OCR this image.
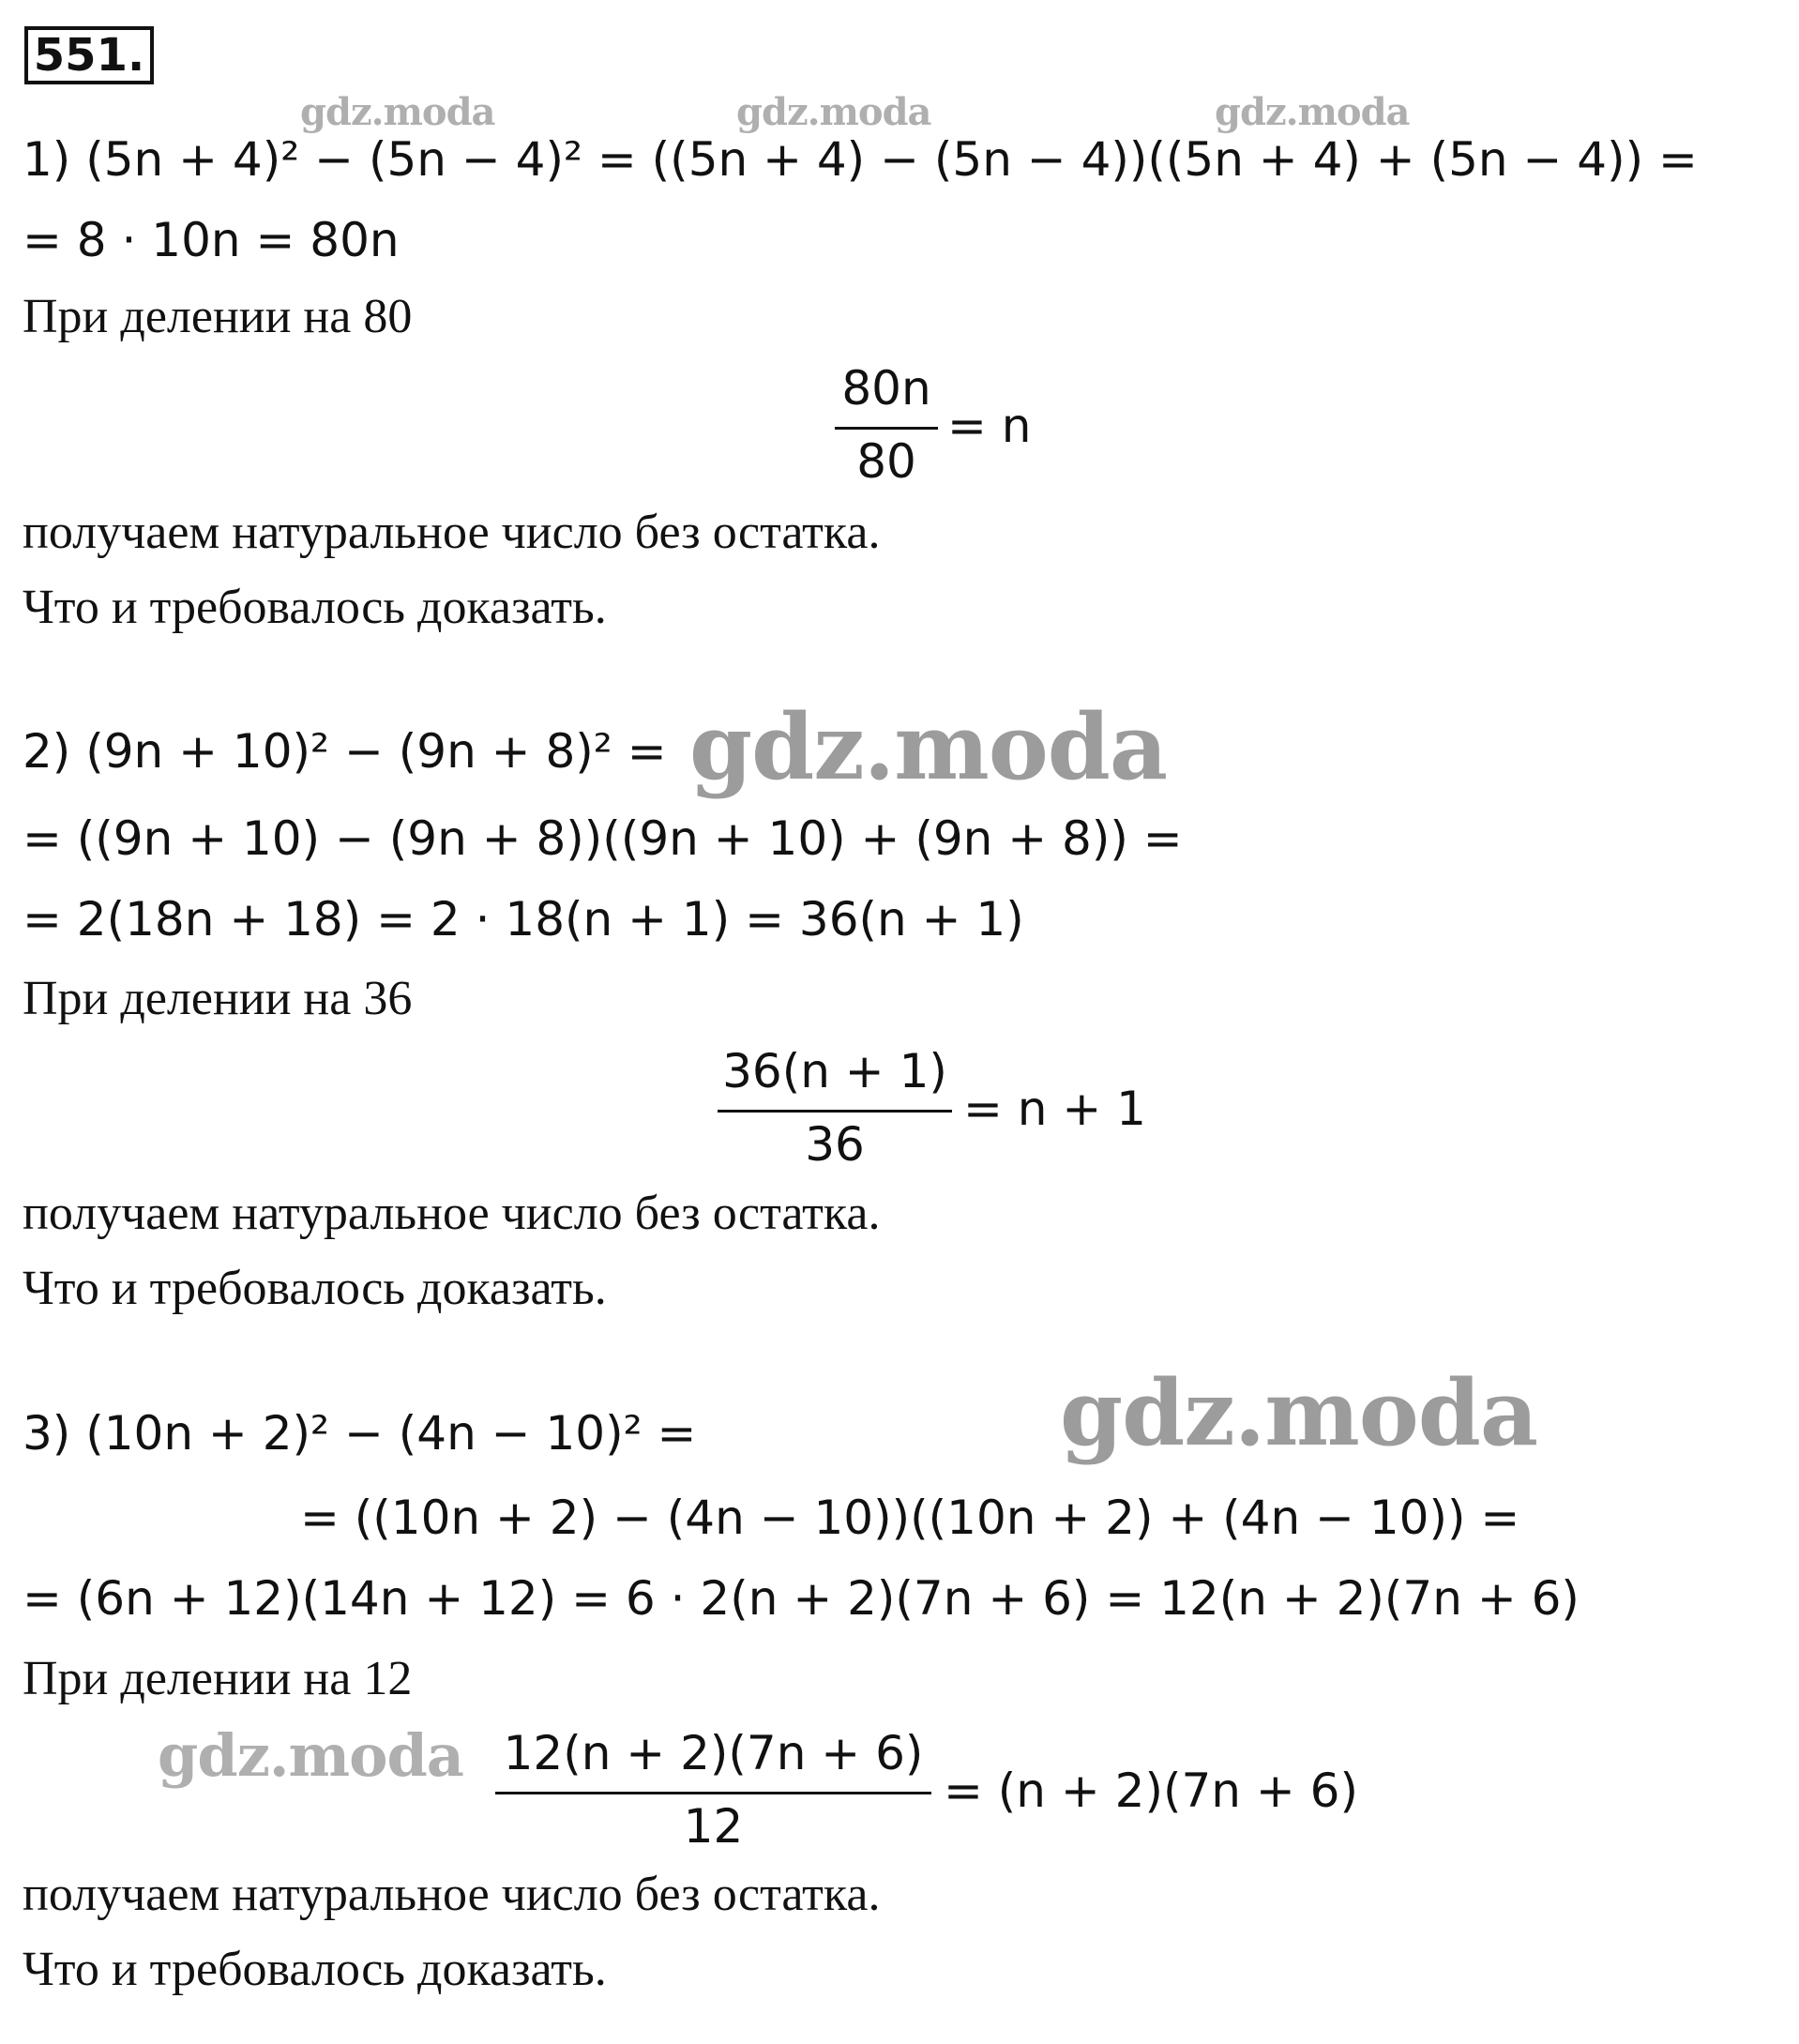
551.
gdz.moda	gdz.moda	gdz.moda
gdz.moda
gdz.moda
gdz.moda
1) (5n + 4)² − (5n − 4)² = ((5n + 4) − (5n − 4))((5n + 4) + (5n − 4)) =
= 8 · 10n = 80n
При делении на 80
80n
80
= n
получаем натуральное число без остатка.
Что и требовалось доказать.
2) (9n + 10)² − (9n + 8)² =
= ((9n + 10) − (9n + 8))((9n + 10) + (9n + 8)) =
= 2(18n + 18) = 2 · 18(n + 1) = 36(n + 1)
При делении на 36
36(n + 1)
36
= n + 1
получаем натуральное число без остатка.
Что и требовалось доказать.
3) (10n + 2)² − (4n − 10)² =
= ((10n + 2) − (4n − 10))((10n + 2) + (4n − 10)) =
= (6n + 12)(14n + 12) = 6 · 2(n + 2)(7n + 6) = 12(n + 2)(7n + 6)
При делении на 12
12(n + 2)(7n + 6)
12
= (n + 2)(7n + 6)
получаем натуральное число без остатка.
Что и требовалось доказать.
